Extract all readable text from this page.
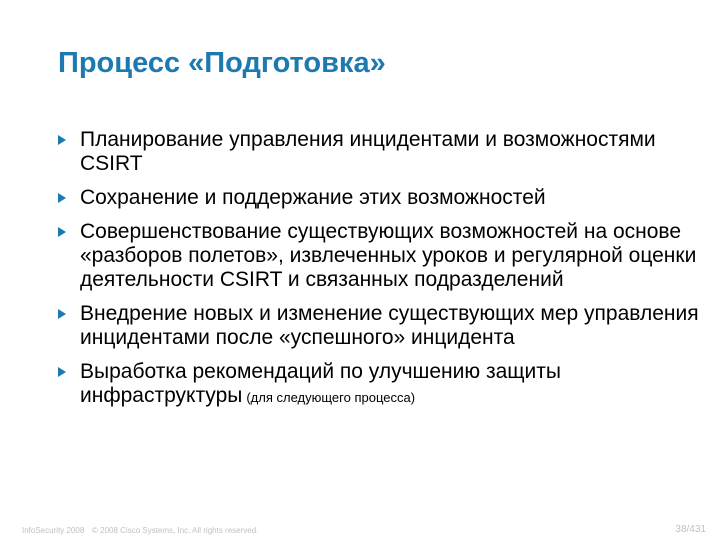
Процесс «Подготовка»
Планирование управления инцидентами и возможностями CSIRT
Сохранение и поддержание этих возможностей
Совершенствование существующих возможностей на основе «разборов полетов», извлеченных уроков и регулярной оценки деятельности CSIRT и связанных подразделений
Внедрение новых и изменение существующих мер управления инцидентами после «успешного» инцидента
Выработка рекомендаций по улучшению защиты инфраструктуры (для следующего процесса)
InfoSecurity 2008 © 2008 Cisco Systems, Inc. All rights reserved.	38/431
